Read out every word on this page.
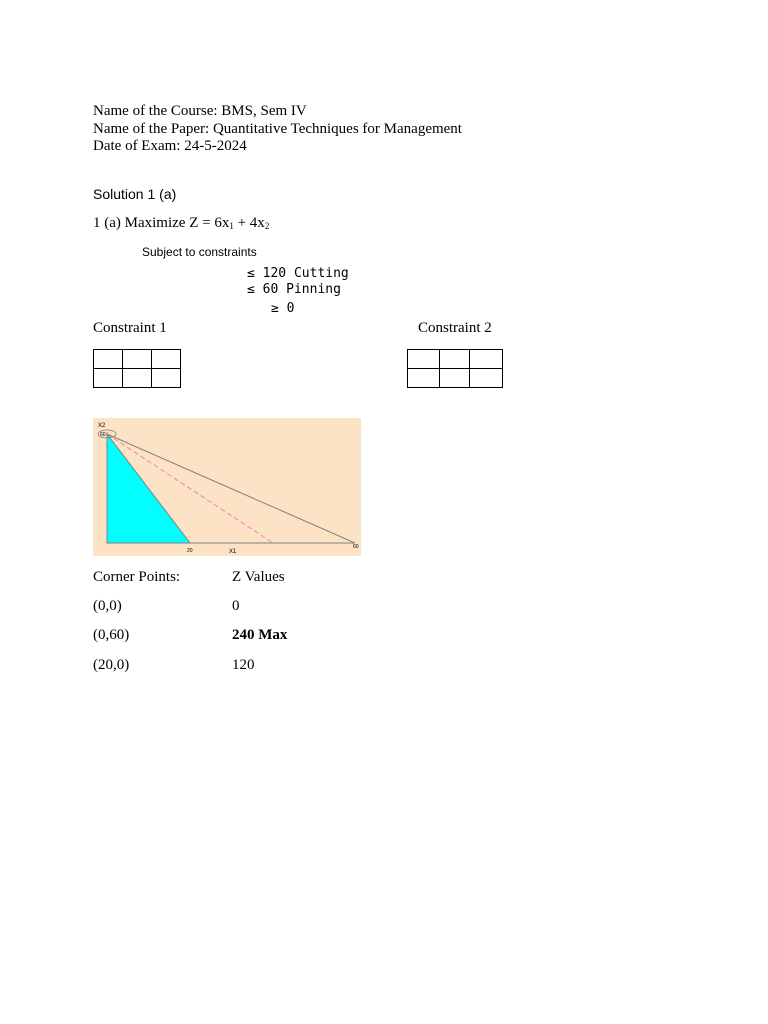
Name of the Course: BMS, Sem IV
Name of the Paper: Quantitative Techniques for Management
Date of Exam: 24-5-2024
Solution 1 (a)
1 (a) Maximize $Z = 6x_1 + 4x_2$
Subject to constraints
≤ 120 Cutting
≤ 60 Pinning
≥ 0
Constraint 1	Constraint 2

X2
60
20	X1
60
Corner Points:	Z Values
(0,0)	0
(0,60)	240 Max
(20,0)	120
